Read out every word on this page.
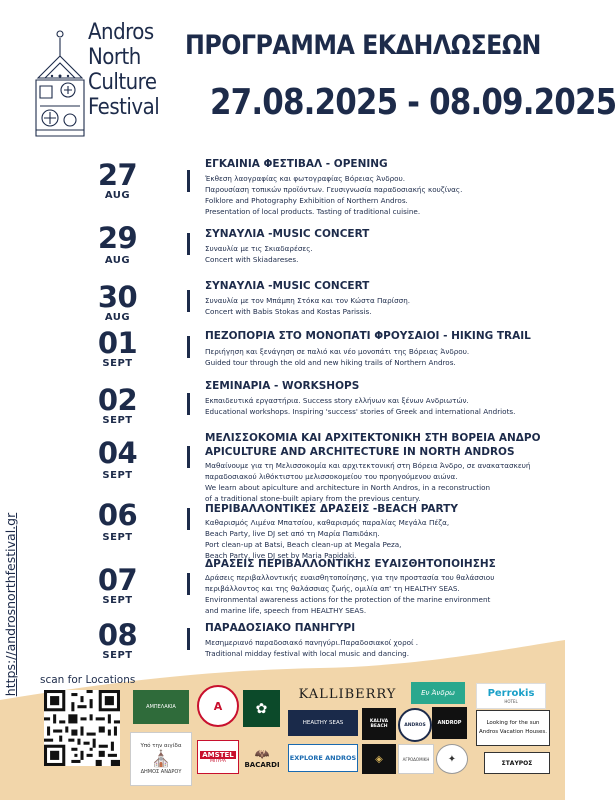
Andros
North
Culture
Festival
ΠΡΟΓΡΑΜΜΑ ΕΚΔΗΛΩΣΕΩΝ
27.08.2025 - 08.09.2025
27
AUG
ΕΓΚΑΙΝΙΑ ΦΕΣΤΙΒΑΛ - OPENING
Έκθεση λαογραφίας και φωτογραφίας Βόρειας Άνδρου.
Παρουσίαση τοπικών προϊόντων. Γευσιγνωσία παραδοσιακής κουζίνας.
Folklore and Photography Exhibition of Northern Andros.
Presentation of local products. Tasting of traditional cuisine.
29
AUG
ΣΥΝΑΥΛΙΑ -MUSIC CONCERT
Συναυλία με τις Σκιαδαρέσες.
Concert with Skiadareses.
30
AUG
ΣΥΝΑΥΛΙΑ -MUSIC CONCERT
Συναυλία με τον Μπάμπη Στόκα και τον Κώστα Παρίσση.
Concert with Babis Stokas and Kostas Parissis.
01
SEPT
ΠΕΖΟΠΟΡΙΑ ΣΤΟ ΜΟΝΟΠΑΤΙ ΦΡΟΥΣΑΙΟΙ - HIKING TRAIL
Περιήγηση και ξενάγηση σε παλιό και νέο μονοπάτι της Βόρειας Άνδρου.
Guided tour through the old and new hiking trails of Northern Andros.
02
SEPT
ΣΕΜΙΝΑΡΙΑ - WORKSHOPS
Εκπαιδευτικά εργαστήρια. Success story ελλήνων και ξένων Ανδριωτών.
Educational workshops. Inspiring 'success' stories of Greek and international Andriots.
04
SEPT
ΜΕΛΙΣΣΟΚΟΜΙΑ ΚΑΙ ΑΡΧΙΤΕΚΤΟΝΙΚΗ ΣΤΗ ΒΟΡΕΙΑ ΑΝΔΡΟ
APICULTURE AND ARCHITECTURE IN NORTH ANDROS
Μαθαίνουμε για τη Μελισσοκομία και αρχιτεκτονική στη Βόρεια Άνδρο, σε ανακατασκευή
παραδοσιακού λιθόκτιστου μελισσοκομείου του προηγούμενου αιώνα.
We learn about apiculture and architecture in North Andros, in a reconstruction
of a traditional stone-built apiary from the previous century.
06
SEPT
ΠΕΡΙΒΑΛΛΟΝΤΙΚΕΣ ΔΡΑΣΕΙΣ -BEACH PARTY
Καθαρισμός Λιμένα Μπατσίου, καθαρισμός παραλίας Μεγάλα Πέζα,
Beach Party, live DJ set από τη Μαρία Παπιδάκη.
Port clean-up at Batsi, Beach clean-up at Megala Peza,
Beach Party, live DJ set by Maria Papidaki.
07
SEPT
ΔΡΑΣΕΙΣ ΠΕΡΙΒΑΛΛΟΝΤΙΚΗΣ ΕΥΑΙΣΘΗΤΟΠΟΙΗΣΗΣ
Δράσεις περιβαλλοντικής ευαισθητοποίησης, για την προστασία του θαλάσσιου
περιβάλλοντος και της θαλάσσιας ζωής, ομιλία απ' τη HEALTHY SEAS.
Environmental awareness actions for the protection of the marine environment
and marine life, speech from HEALTHY SEAS.
08
SEPT
ΠΑΡΑΔΟΣΙΑΚΟ ΠΑΝΗΓΥΡΙ
Μεσημεριανό παραδοσιακό πανηγύρι.Παραδοσιακοί χοροί .
Traditional midday festival with local music and dancing.
https://androsnorthfestival.gr scan for Locations
ΑΜΠΕΛΑΚΙΑ	Α ✿
KALLIBERRY	Εν Άνδρω	Perrokis
HOTEL
HEALTHY SEAS	KALIVA BEACH	ANDROS ANDROP	Looking for the sun
Andros Vacation Houses.
Υπό την αιγίδα
⛪
ΔΗΜΟΣ ΑΝΔΡΟΥ
AMSTEL
ΜΠΥΡΑ 🦇
BACARDI
EXPLORE ANDROS ◈	ΑΓΡΟΔΟΜΙΚΗ ✦	ΣΤΑΥΡΟΣ
